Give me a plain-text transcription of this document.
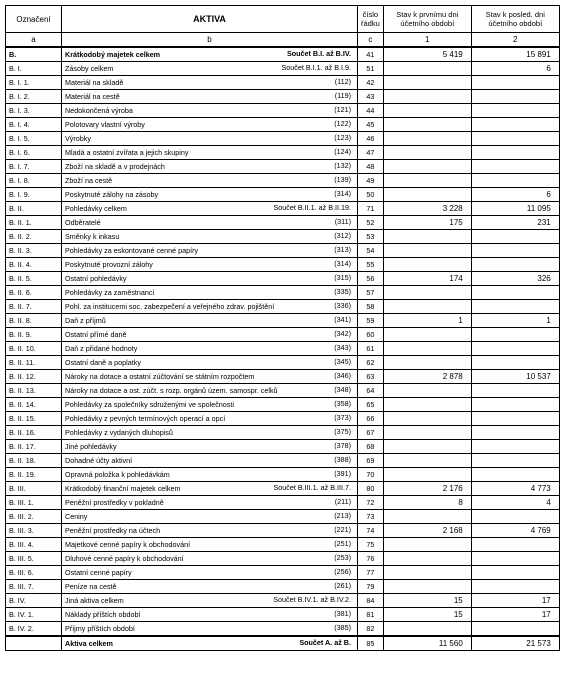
Označení	AKTIVA	číslo řádku	Stav k prvnímu dni účetního období	Stav k posled. dni účetního období
a	b	c	1	2
B.	Krátkodobý majetek celkem Součet B.I. až B.IV.	41	5 419	15 891
B. I.	Zásoby celkem Součet B.I.1. až B.I.9.	51		6
B. I. 1.	Materiál na skladě (112)	42		
B. I. 2.	Materiál na cestě (119)	43		
B. I. 3.	Nedokončená výroba (121)	44		
B. I. 4.	Polotovary vlastní výroby (122)	45		
B. I. 5.	Výrobky (123)	46		
B. I. 6.	Mladá a ostatní zvířata a jejich skupiny (124)	47		
B. I. 7.	Zboží na skladě a v prodejnách (132)	48		
B. I. 8.	Zboží na cestě (139)	49		
B. I. 9.	Poskytnuté zálohy na zásoby (314)	50		6
B. II.	Pohledávky celkem Součet B.II.1. až B.II.19.	71	3 228	11 095
B. II. 1.	Odběratelé (311)	52	175	231
B. II. 2.	Směnky k inkasu (312)	53		
B. II. 3.	Pohledávky za eskontované cenné papíry (313)	54		
B. II. 4.	Poskytnuté provozní zálohy (314)	55		
B. II. 5.	Ostatní pohledávky (315)	56	174	326
B. II. 6.	Pohledávky za zaměstnanci (335)	57		
B. II. 7.	Pohl. za institucemi soc. zabezpečení a veřejného zdrav. pojištění (336)	58		
B. II. 8.	Daň z příjmů (341)	59	1	1
B. II. 9.	Ostatní přímé daně (342)	60		
B. II. 10.	Daň z přidané hodnoty (343)	61		
B. II. 11.	Ostatní daně a poplatky (345)	62		
B. II. 12.	Nároky na dotace a ostatní zúčtování se státním rozpočtem (346)	63	2 878	10 537
B. II. 13.	Nároky na dotace a ost. zúčt. s rozp. orgánů územ. samospr. celků (348)	64		
B. II. 14.	Pohledávky za společníky sdruženými ve společnosti (358)	65		
B. II. 15.	Pohledávky z pevných termínových operací a opcí (373)	66		
B. II. 16.	Pohledávky z vydaných dluhopisů (375)	67		
B. II. 17.	Jiné pohledávky (378)	68		
B. II. 18.	Dohadné účty aktivní (388)	69		
B. II. 19.	Opravná položka k pohledávkám (391)	70		
B. III.	Krátkodobý finanční majetek celkem Součet B.III.1. až B.III.7.	80	2 176	4 773
B. III. 1.	Peněžní prostředky v pokladně (211)	72	8	4
B. III. 2.	Ceniny (213)	73		
B. III. 3.	Peněžní prostředky na účtech (221)	74	2 168	4 769
B. III. 4.	Majetkové cenné papíry k obchodování (251)	75		
B. III. 5.	Dluhové cenné papíry k obchodování (253)	76		
B. III. 6.	Ostatní cenné papíry (256)	77		
B. III. 7.	Peníze na cestě (261)	79		
B. IV.	Jiná aktiva celkem Součet B.IV.1. až B.IV.2.	84	15	17
B. IV. 1.	Náklady příštích období (381)	81	15	17
B. IV. 2.	Příjmy příštích období (385)	82		
	Aktiva celkem Součet A. až B.	85	11 560	21 573
